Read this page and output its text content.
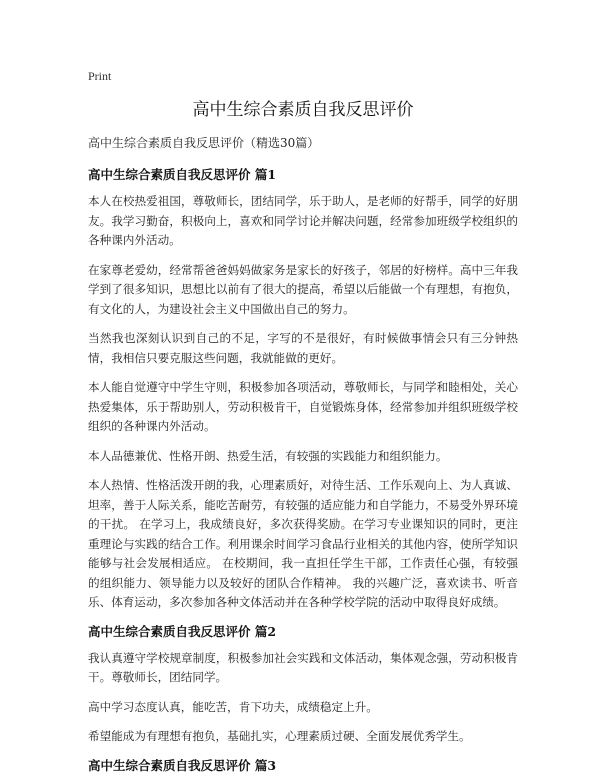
Print
高中生综合素质自我反思评价

高中生综合素质自我反思评价（精选30篇）

高中生综合素质自我反思评价 篇1

本人在校热爱祖国，尊敬师长，团结同学，乐于助人，是老师的好帮手，同学的好朋友。我学习勤奋，积极向上，喜欢和同学讨论并解决问题，经常参加班级学校组织的各种课内外活动。

在家尊老爱幼，经常帮爸爸妈妈做家务是家长的好孩子，邻居的好榜样。高中三年我学到了很多知识，思想比以前有了很大的提高，希望以后能做一个有理想，有抱负，有文化的人，为建设社会主义中国做出自己的努力。

当然我也深刻认识到自己的不足，字写的不是很好，有时候做事情会只有三分钟热情，我相信只要克服这些问题，我就能做的更好。

本人能自觉遵守中学生守则，积极参加各项活动，尊敬师长，与同学和睦相处，关心热爱集体，乐于帮助别人，劳动积极肯干，自觉锻炼身体，经常参加并组织班级学校组织的各种课内外活动。

本人品德兼优、性格开朗、热爱生活，有较强的实践能力和组织能力。

本人热情、性格活泼开朗的我，心理素质好，对待生活、工作乐观向上、为人真诚、坦率，善于人际关系，能吃苦耐劳，有较强的适应能力和自学能力，不易受外界环境的干扰。 在学习上，我成绩良好，多次获得奖励。在学习专业课知识的同时，更注重理论与实践的结合工作。利用课余时间学习食品行业相关的其他内容，使所学知识能够与社会发展相适应。 在校期间，我一直担任学生干部，工作责任心强，有较强的组织能力、领导能力以及较好的团队合作精神。 我的兴趣广泛，喜欢读书、听音乐、体育运动，多次参加各种文体活动并在各种学校学院的活动中取得良好成绩。

高中生综合素质自我反思评价 篇2

我认真遵守学校规章制度，积极参加社会实践和文体活动，集体观念强，劳动积极肯干。尊敬师长，团结同学。

高中学习态度认真，能吃苦，肯下功夫，成绩稳定上升。

希望能成为有理想有抱负，基础扎实，心理素质过硬、全面发展优秀学生。

高中生综合素质自我反思评价 篇3
